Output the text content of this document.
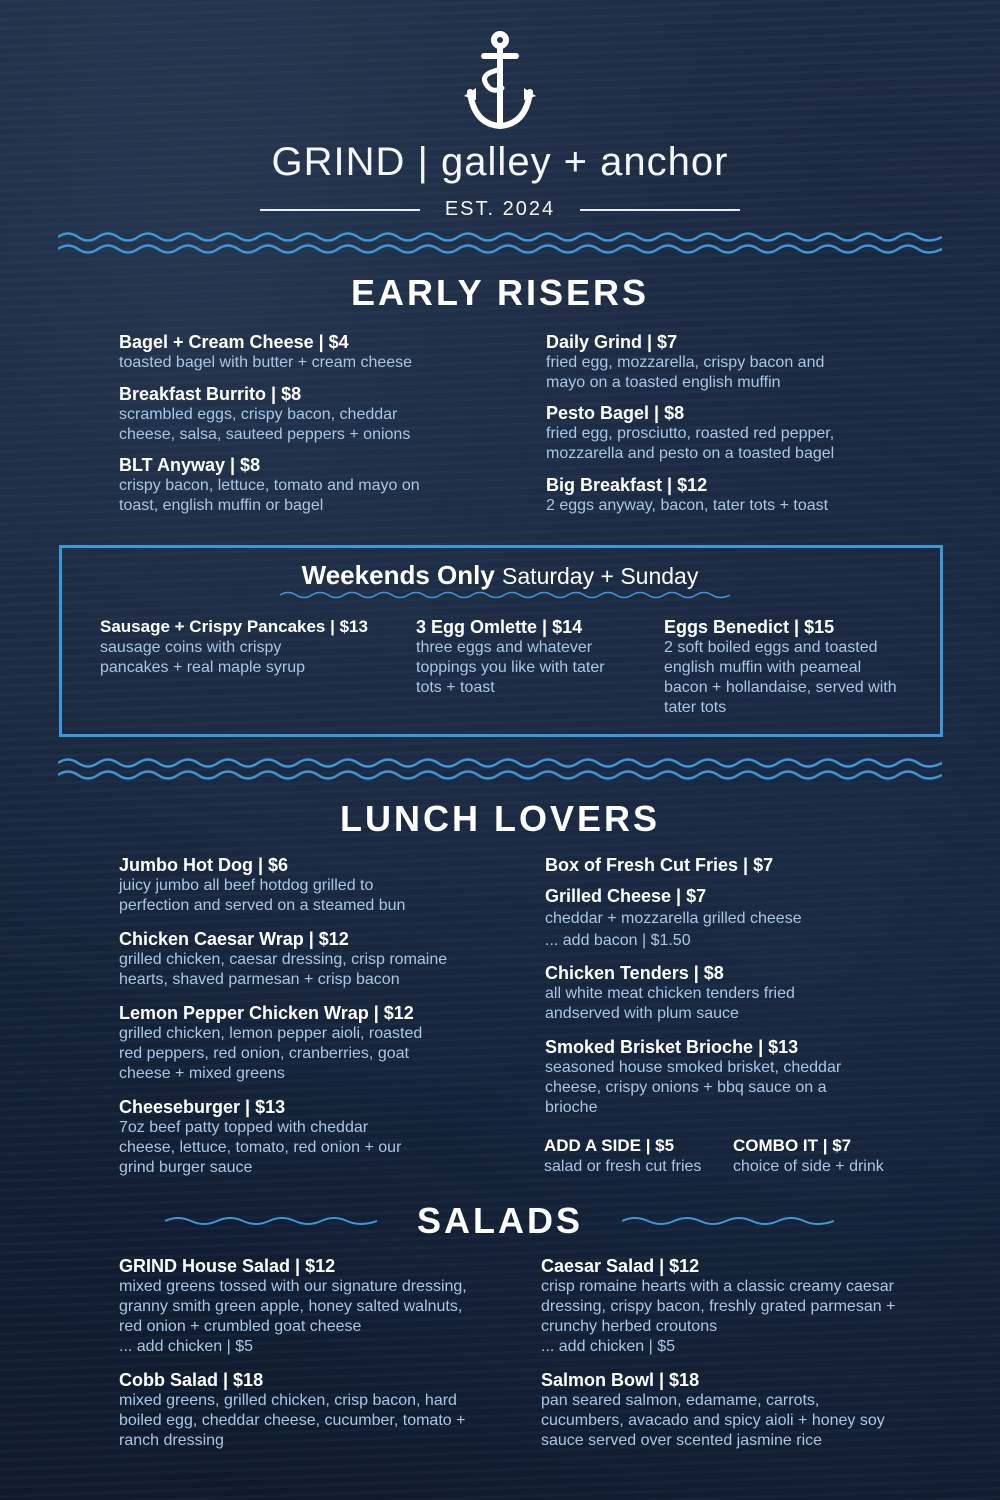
GRIND | galley + anchor
EST. 2024
EARLY RISERS
Bagel + Cream Cheese | $4
toasted bagel with butter + cream cheese
Breakfast Burrito | $8
scrambled eggs, crispy bacon, cheddar cheese, salsa, sauteed peppers + onions
BLT Anyway | $8
crispy bacon, lettuce, tomato and mayo on toast, english muffin or bagel
Daily Grind | $7
fried egg, mozzarella, crispy bacon and mayo on a toasted english muffin
Pesto Bagel | $8
fried egg, prosciutto, roasted red pepper, mozzarella and pesto on a toasted bagel
Big Breakfast | $12
2 eggs anyway, bacon, tater tots + toast
Weekends Only Saturday + Sunday
Sausage + Crispy Pancakes | $13
sausage coins with crispy pancakes + real maple syrup
3 Egg Omlette | $14
three eggs and whatever toppings you like with tater tots + toast
Eggs Benedict | $15
2 soft boiled eggs and toasted english muffin with peameal bacon + hollandaise, served with tater tots
LUNCH LOVERS
Jumbo Hot Dog | $6
juicy jumbo all beef hotdog grilled to perfection and served on a steamed bun
Chicken Caesar Wrap | $12
grilled chicken, caesar dressing, crisp romaine hearts, shaved parmesan + crisp bacon
Lemon Pepper Chicken Wrap | $12
grilled chicken, lemon pepper aioli, roasted red peppers, red onion, cranberries, goat cheese + mixed greens
Cheeseburger | $13
7oz beef patty topped with cheddar cheese, lettuce, tomato, red onion + our grind burger sauce
Box of Fresh Cut Fries | $7
Grilled Cheese | $7
cheddar + mozzarella grilled cheese
... add bacon | $1.50
Chicken Tenders | $8
all white meat chicken tenders fried andserved with plum sauce
Smoked Brisket Brioche | $13
seasoned house smoked brisket, cheddar cheese, crispy onions + bbq sauce on a brioche
ADD A SIDE | $5
salad or fresh cut fries
COMBO IT | $7
choice of side + drink
SALADS
GRIND House Salad | $12
mixed greens tossed with our signature dressing, granny smith green apple, honey salted walnuts, red onion + crumbled goat cheese
... add chicken | $5
Cobb Salad | $18
mixed greens, grilled chicken, crisp bacon, hard boiled egg, cheddar cheese, cucumber, tomato + ranch dressing
Caesar Salad | $12
crisp romaine hearts with a classic creamy caesar dressing, crispy bacon, freshly grated parmesan + crunchy herbed croutons
... add chicken | $5
Salmon Bowl | $18
pan seared salmon, edamame, carrots, cucumbers, avacado and spicy aioli + honey soy sauce served over scented jasmine rice
